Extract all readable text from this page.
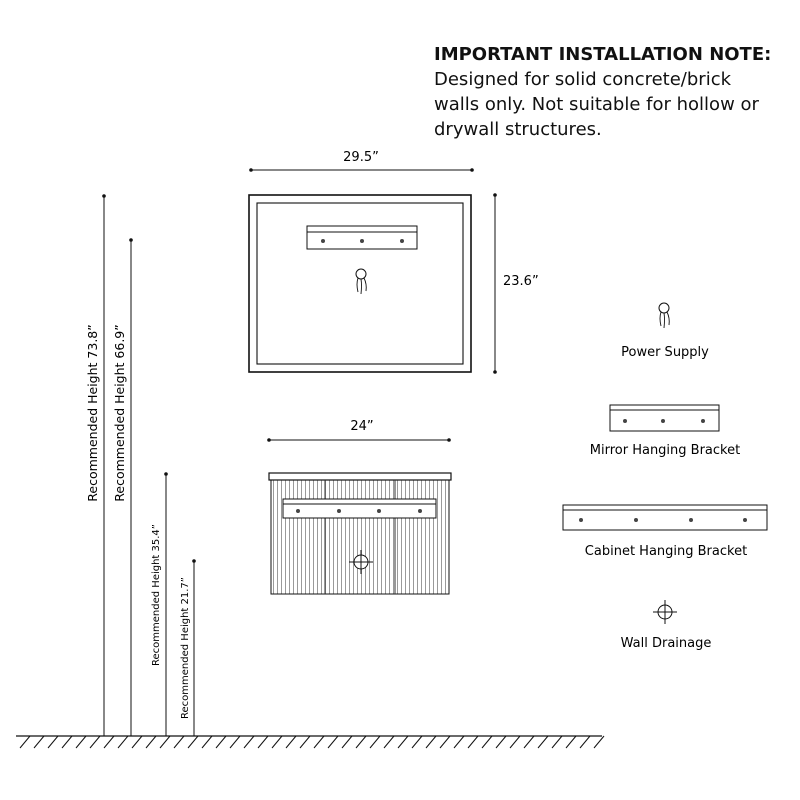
IMPORTANT INSTALLATION NOTE:
Designed for solid concrete/brick
walls only. Not suitable for hollow or
drywall structures.
29.5”
23.6”
24”
Recommended Height 73.8” Recommended Height 66.9”
Recommended Height 35.4” Recommended Height 21.7”
Power Supply
Mirror Hanging Bracket
Cabinet Hanging Bracket
Wall Drainage
